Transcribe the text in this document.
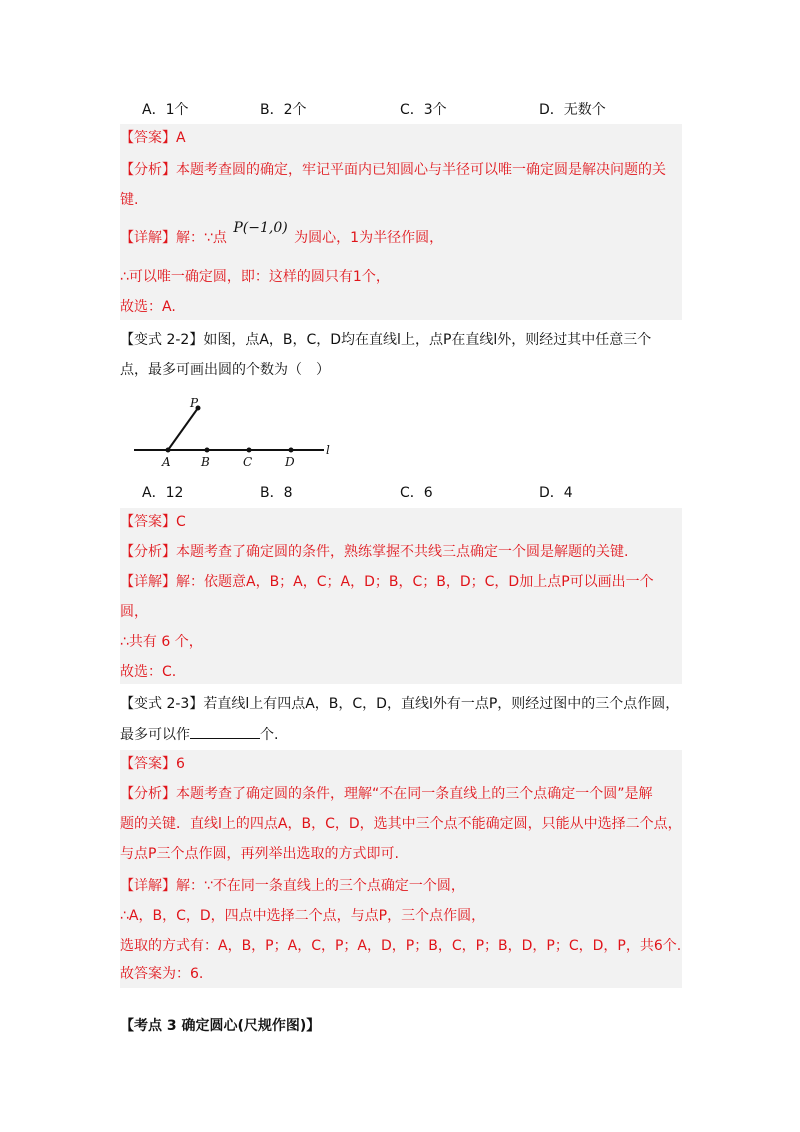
A．1个	B．2个	C．3个	D．无数个
【答案】A
【分析】本题考查圆的确定，牢记平面内已知圆心与半径可以唯一确定圆是解决问题的关
键.
【详解】解：∵点 P(−1,0) 为圆心，1为半径作圆，
∴可以唯一确定圆，即：这样的圆只有1个，
故选：A.
【变式 2-2】如图，点A，B，C，D均在直线l上，点P在直线l外，则经过其中任意三个
点，最多可画出圆的个数为（　）
P
A	B	C	D
l
A．12	B．8	C．6	D．4
【答案】C
【分析】本题考查了确定圆的条件，熟练掌握不共线三点确定一个圆是解题的关键.
【详解】解：依题意A，B；A，C；A，D；B，C；B，D；C，D加上点P可以画出一个
圆，
∴共有 6 个，
故选：C.
【变式 2-3】若直线l上有四点A，B，C，D，直线l外有一点P，则经过图中的三个点作圆，
最多可以作	个.
【答案】6
【分析】本题考查了确定圆的条件，理解“不在同一条直线上的三个点确定一个圆”是解
题的关键．直线l上的四点A，B，C，D，选其中三个点不能确定圆，只能从中选择二个点，
与点P三个点作圆，再列举出选取的方式即可.
【详解】解：∵不在同一条直线上的三个点确定一个圆，
∴A，B，C，D，四点中选择二个点，与点P，三个点作圆，
选取的方式有：A，B，P；A，C，P；A，D，P；B，C，P；B，D，P；C，D，P，共6个.
故答案为：6.
【考点 3 确定圆心(尺规作图)】
